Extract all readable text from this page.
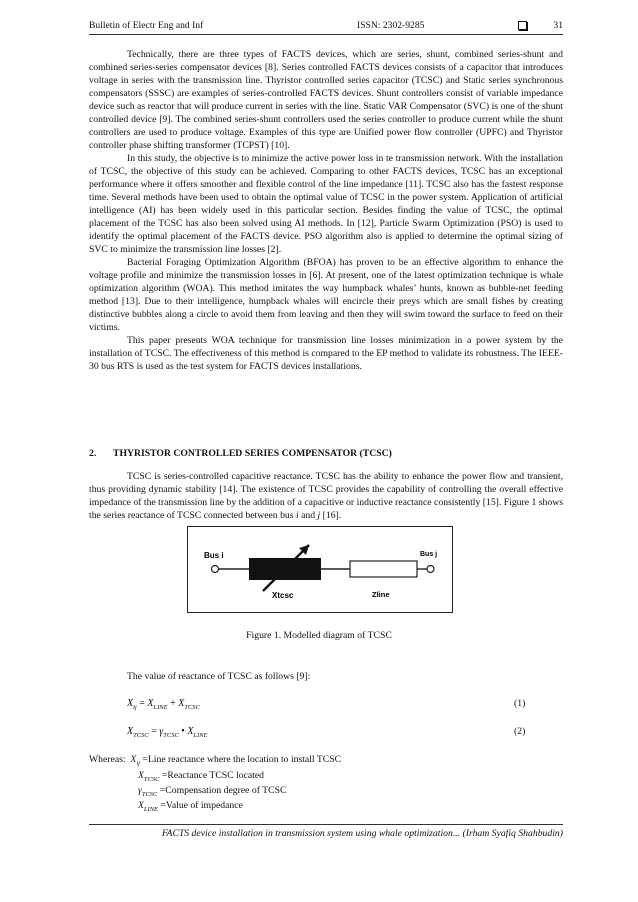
Bulletin of Electr Eng and Inf	ISSN: 2302-9285	31

Technically, there are three types of FACTS devices, which are series, shunt, combined series-shunt and combined series-series compensator devices [8]. Series controlled FACTS devices consists of a capacitor that introduces voltage in series with the transmission line. Thyristor controlled series capacitor (TCSC) and Static series synchronous compensators (SSSC) are examples of series-controlled FACTS devices. Shunt controllers consist of variable impedance device such as reactor that will produce current in series with the line. Static VAR Compensator (SVC) is one of the shunt controlled device [9]. The combined series-shunt controllers used the series controller to produce current while the shunt controllers are used to produce voltage. Examples of this type are Unified power flow controller (UPFC) and Thyristor controller phase shifting transformer (TCPST) [10].

In this study, the objective is to minimize the active power loss in te transmission network. With the installation of TCSC, the objective of this study can be achieved. Comparing to other FACTS devices, TCSC has an exceptional performance where it offers smoother and flexible control of the line impedance [11]. TCSC also has the fastest response time. Several methods have been used to obtain the optimal value of TCSC in the power system. Application of artificial intelligence (AI) has been widely used in this particular section. Besides finding the value of TCSC, the optimal placement of the TCSC has also been solved using AI methods. In [12], Particle Swarm Optimization (PSO) is used to identify the optimal placement of the FACTS device. PSO algorithm also is applied to determine the optimal sizing of SVC to minimize the transmission line losses [2].

Bacterial Foraging Optimization Algorithm (BFOA) has proven to be an effective algorithm to enhance the voltage profile and minimize the transmission losses in [6]. At present, one of the latest optimization technique is whale optimization algorithm (WOA). This method imitates the way humpback whales’ hunts, known as bubble-net feeding method [13]. Due to their intelligence, humpback whales will encircle their preys which are small fishes by creating distinctive bubbles along a circle to avoid them from leaving and then they will swim toward the surface to feed on their victims.

This paper presents WOA technique for transmission line losses minimization in a power system by the installation of TCSC. The effectiveness of this method is compared to the EP method to validate its robustness. The IEEE-30 bus RTS is used as the test system for FACTS devices installations.

2. THYRISTOR CONTROLLED SERIES COMPENSATOR (TCSC)

TCSC is series-controlled capacitive reactance. TCSC has the ability to enhance the power flow and transient, thus providing dynamic stability [14]. The existence of TCSC provides the capability of controlling the overall effective impedance of the transmission line by the addition of a capacitive or inductive reactance consistently [15]. Figure 1 shows the series reactance of TCSC connected between bus i and j [16].

Bus i	Bus j
Xtcsc	Zline
Figure 1. Modelled diagram of TCSC
The value of reactance of TCSC as follows [9]:
$X_{ij} = X_{LINE} + X_{TCSC}$	(1)
$X_{TCSC} = \gamma_{TCSC}$ • $X_{LINE}$	(2)
Whereas: $X_{ij}$ =Line reactance where the location to install TCSC
$X_{TCSC}$ =Reactance TCSC located
$\gamma_{TCSC}$ =Compensation degree of TCSC
$X_{LINE}$ =Value of impedance
FACTS device installation in transmission system using whale optimization... (Irham Syafiq Shahbudin)
